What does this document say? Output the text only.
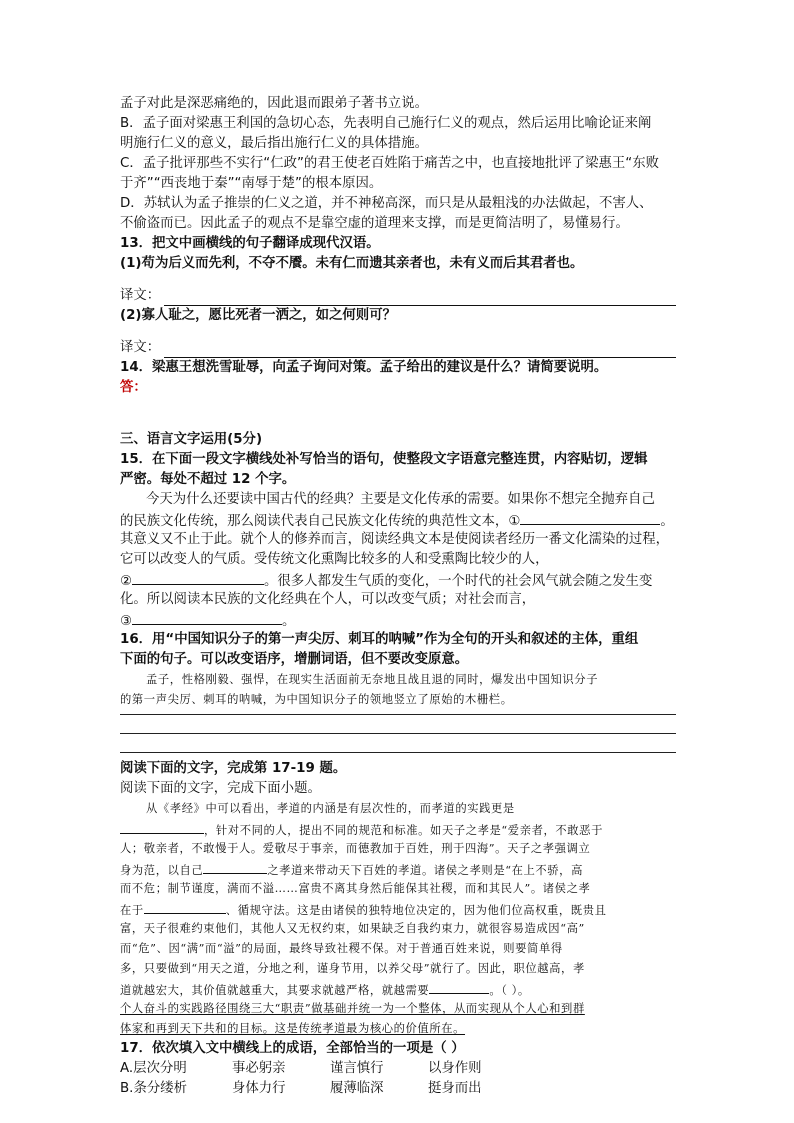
孟子对此是深恶痛绝的，因此退而跟弟子著书立说。
B．孟子面对梁惠王利国的急切心态，先表明自己施行仁义的观点，然后运用比喻论证来阐
明施行仁义的意义，最后指出施行仁义的具体措施。
C．孟子批评那些不实行“仁政”的君王使老百姓陷于痛苦之中，也直接地批评了梁惠王“东败
于齐”“西丧地于秦”“南辱于楚”的根本原因。
D．苏轼认为孟子推崇的仁义之道，并不神秘高深，而只是从最粗浅的办法做起，不害人、
不偷盗而已。因此孟子的观点不是靠空虚的道理来支撑，而是更简洁明了，易懂易行。
13．把文中画横线的句子翻译成现代汉语。
(1)苟为后义而先利，不夺不餍。未有仁而遗其亲者也，未有义而后其君者也。
译文：
(2)寡人耻之，愿比死者一洒之，如之何则可？
译文：
14．梁惠王想洗雪耻辱，向孟子询问对策。孟子给出的建议是什么？请简要说明。
答：
三、语言文字运用(5分)
15．在下面一段文字横线处补写恰当的语句，使整段文字语意完整连贯，内容贴切，逻辑
严密。每处不超过 12 个字。
今天为什么还要读中国古代的经典？主要是文化传承的需要。如果你不想完全抛弃自己
的民族文化传统，那么阅读代表自己民族文化传统的典范性文本，①	。
其意义又不止于此。就个人的修养而言，阅读经典文本是使阅读者经历一番文化濡染的过程，
它可以改变人的气质。受传统文化熏陶比较多的人和受熏陶比较少的人，
②	。很多人都发生气质的变化，一个时代的社会风气就会随之发生变
化。所以阅读本民族的文化经典在个人，可以改变气质；对社会而言，
③	。
16．用“中国知识分子的第一声尖厉、刺耳的呐喊”作为全句的开头和叙述的主体，重组
下面的句子。可以改变语序，增删词语，但不要改变原意。
孟子，性格刚毅、强悍，在现实生活面前无奈地且战且退的同时，爆发出中国知识分子
的第一声尖厉、刺耳的呐喊，为中国知识分子的领地竖立了原始的木栅栏。
阅读下面的文字，完成第 17-19 题。
阅读下面的文字，完成下面小题。
从《孝经》中可以看出，孝道的内涵是有层次性的，而孝道的实践更是
，针对不同的人，提出不同的规范和标准。如天子之孝是“爱亲者，不敢恶于
人；敬亲者，不敢慢于人。爱敬尽于事亲，而德教加于百姓，刑于四海”。天子之孝强调立
身为范，以自己	之孝道来带动天下百姓的孝道。诸侯之孝则是“在上不骄，高
而不危；制节谨度，满而不溢……富贵不离其身然后能保其社稷，而和其民人”。诸侯之孝
在于	、循规守法。这是由诸侯的独特地位决定的，因为他们位高权重，既贵且
富，天子很难约束他们，其他人又无权约束，如果缺乏自我约束力，就很容易造成因“高”
而“危”、因“满”而“溢”的局面，最终导致社稷不保。对于普通百姓来说，则要简单得
多，只要做到“用天之道，分地之利，谨身节用，以养父母”就行了。因此，职位越高，孝
道就越宏大，其价值就越重大，其要求就越严格，就越需要	。（ ）。
个人奋斗的实践路径围绕三大“职责”做基础并统一为一个整体，从而实现从个人心和到群
体家和再到天下共和的目标。这是传统孝道最为核心的价值所在。
17．依次填入文中横线上的成语，全部恰当的一项是（ ）
A.层次分明	事必躬亲	谨言慎行	以身作则
B.条分缕析	身体力行	履薄临深	挺身而出
